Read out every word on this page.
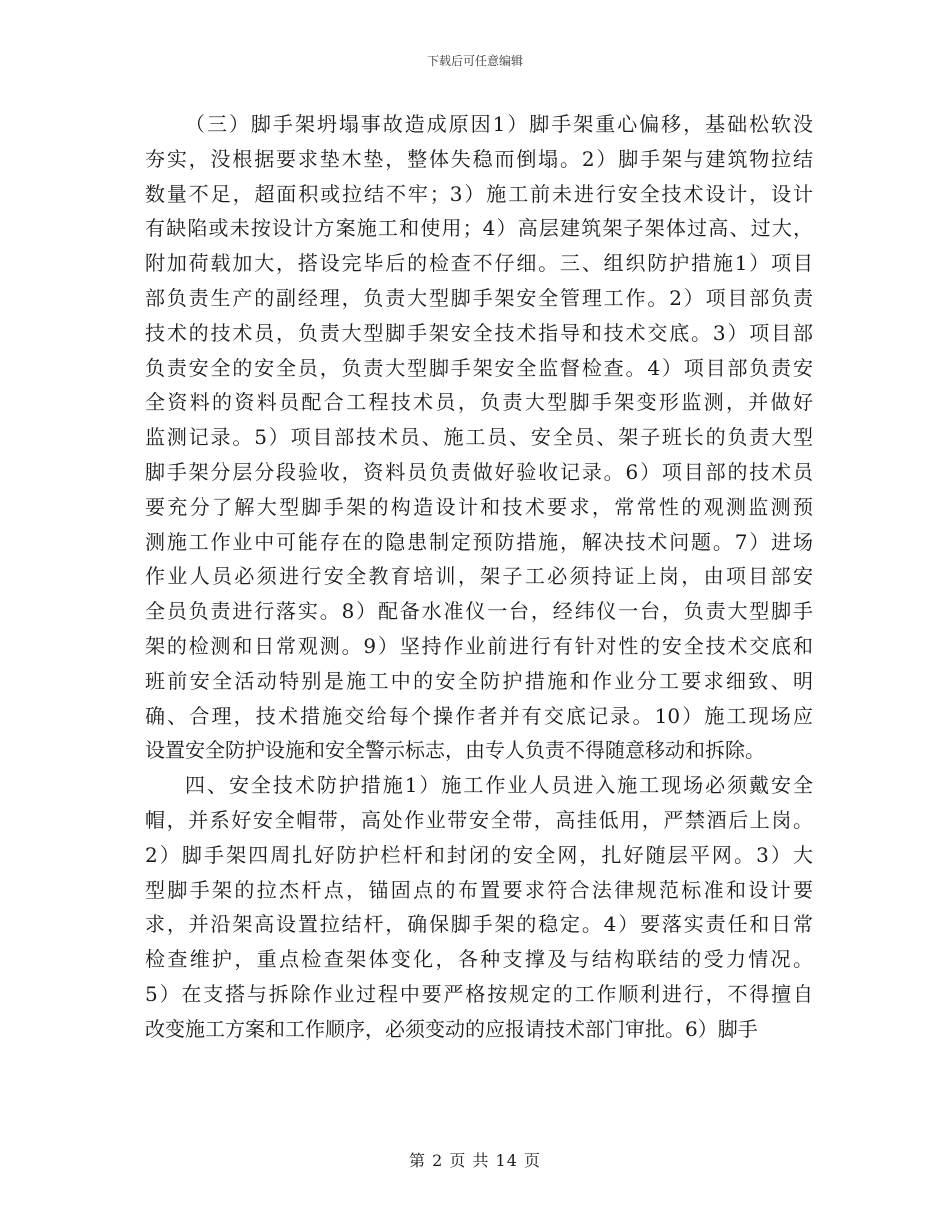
下载后可任意编辑
（三）脚手架坍塌事故造成原因1）脚手架重心偏移，基础松软没
夯实，没根据要求垫木垫，整体失稳而倒塌。2）脚手架与建筑物拉结
数量不足，超面积或拉结不牢；3）施工前未进行安全技术设计，设计
有缺陷或未按设计方案施工和使用；4）高层建筑架子架体过高、过大，
附加荷载加大，搭设完毕后的检查不仔细。三、组织防护措施1）项目
部负责生产的副经理，负责大型脚手架安全管理工作。2）项目部负责
技术的技术员，负责大型脚手架安全技术指导和技术交底。3）项目部
负责安全的安全员，负责大型脚手架安全监督检查。4）项目部负责安
全资料的资料员配合工程技术员，负责大型脚手架变形监测，并做好
监测记录。5）项目部技术员、施工员、安全员、架子班长的负责大型
脚手架分层分段验收，资料员负责做好验收记录。6）项目部的技术员
要充分了解大型脚手架的构造设计和技术要求，常常性的观测监测预
测施工作业中可能存在的隐患制定预防措施，解决技术问题。7）进场
作业人员必须进行安全教育培训，架子工必须持证上岗，由项目部安
全员负责进行落实。8）配备水准仪一台，经纬仪一台，负责大型脚手
架的检测和日常观测。9）坚持作业前进行有针对性的安全技术交底和
班前安全活动特别是施工中的安全防护措施和作业分工要求细致、明
确、合理，技术措施交给每个操作者并有交底记录。10）施工现场应
设置安全防护设施和安全警示标志，由专人负责不得随意移动和拆除。
四、安全技术防护措施1）施工作业人员进入施工现场必须戴安全
帽，并系好安全帽带，高处作业带安全带，高挂低用，严禁酒后上岗。
2）脚手架四周扎好防护栏杆和封闭的安全网，扎好随层平网。3）大
型脚手架的拉杰杆点，锚固点的布置要求符合法律规范标准和设计要
求，并沿架高设置拉结杆，确保脚手架的稳定。4）要落实责任和日常
检查维护，重点检查架体变化，各种支撑及与结构联结的受力情况。
5）在支搭与拆除作业过程中要严格按规定的工作顺利进行，不得擅自
改变施工方案和工作顺序，必须变动的应报请技术部门审批。6）脚手
第 2 页 共 14 页
